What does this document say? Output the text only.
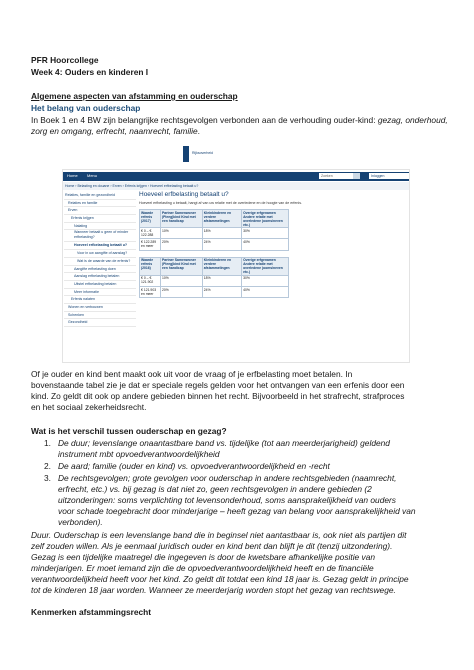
PFR Hoorcollege
Week 4: Ouders en kinderen I
Algemene aspecten van afstamming en ouderschap
Het belang van ouderschap
In Boek 1 en 4 BW zijn belangrijke rechtsgevolgen verbonden aan de verhouding ouder-kind: gezag, onderhoud, zorg en omgang, erfrecht, naamrecht, familie.
Rijksoverheid
Home Menu	Zoeken	Inloggen
Home › Belasting en douane › Erven › Erfenis krijgen › Hoeveel erfbelasting betaalt u?
Relaties, familie en gezondheid
Relaties en familie
Erven
Erfenis krijgen
Nalating
Wanneer betaalt u geen of minder erfbelasting?
Hoeveel erfbelasting betaalt u?
Voor in uw aangifte of aanslag?
Wat is de waarde van de erfenis?
Aangifte erfbelasting doen
Aanslag erfbelasting betalen
Uitstel erfbelasting betalen
Meer informatie
Erfenis nalaten
Wonen en verbouwen
Schenken
Gezondheid
Hoeveel erfbelasting betaalt u?
Hoeveel erfbelasting u betaalt, hangt af van uw relatie met de overledene en de hoogte van de erfenis.
Waarde erfenis (2017)	Partner Samenwoner (Pleeg)kind Kind met een handicap	Kleinkinderen en verdere afstammelingen	Overige erfgenamen Andere relatie met overledene (ooms/neven etc.)
€ 0 – € 122.288	10%	18%	30%
€ 122.289 en meer	20%	24%	40%
Waarde erfenis (2016)	Partner Samenwoner (Pleeg)kind Kind met een handicap	Kleinkinderen en verdere afstammelingen	Overige erfgenamen Andere relatie met overledene (ooms/neven etc.)
€ 0 – € 121.902	10%	18%	30%
€ 121.903 en meer	20%	24%	40%
Of je ouder en kind bent maakt ook uit voor de vraag of je erfbelasting moet betalen. In
bovenstaande tabel zie je dat er speciale regels gelden voor het ontvangen van een erfenis door een
kind. Zo geldt dit ook op andere gebieden binnen het recht. Bijvoorbeeld in het strafrecht, strafproces
en het sociaal zekerheidsrecht.
Wat is het verschil tussen ouderschap en gezag?
1. De duur; levenslange onaantastbare band vs. tijdelijke (tot aan meerderjarigheid) geldend
instrument mbt opvoedverantwoordelijkheid
2. De aard; familie (ouder en kind) vs. opvoedverantwoordelijkheid en -recht
3. De rechtsgevolgen; grote gevolgen voor ouderschap in andere rechtsgebieden (naamrecht,
erfrecht, etc.) vs. bij gezag is dat niet zo, geen rechtsgevolgen in andere gebieden (2
uitzonderingen: soms verplichting tot levensonderhoud, soms aansprakelijkheid van ouders
voor schade toegebracht door minderjarige – heeft gezag van belang voor aansprakelijkheid van
verbonden).
Duur. Ouderschap is een levenslange band die in beginsel niet aantastbaar is, ook niet als partijen dit
zelf zouden willen. Als je eenmaal juridisch ouder en kind bent dan blijft je dit (tenzij uitzondering).
Gezag is een tijdelijke maatregel die ingegeven is door de kwetsbare afhankelijke positie van
minderjarigen. Er moet iemand zijn die de opvoedverantwoordelijkheid heeft en de financiële
verantwoordelijkheid heeft voor het kind. Zo geldt dit totdat een kind 18 jaar is. Gezag geldt in principe
tot de kinderen 18 jaar worden. Wanneer ze meerderjarig worden stopt het gezag van rechtswege.
Kenmerken afstammingsrecht
